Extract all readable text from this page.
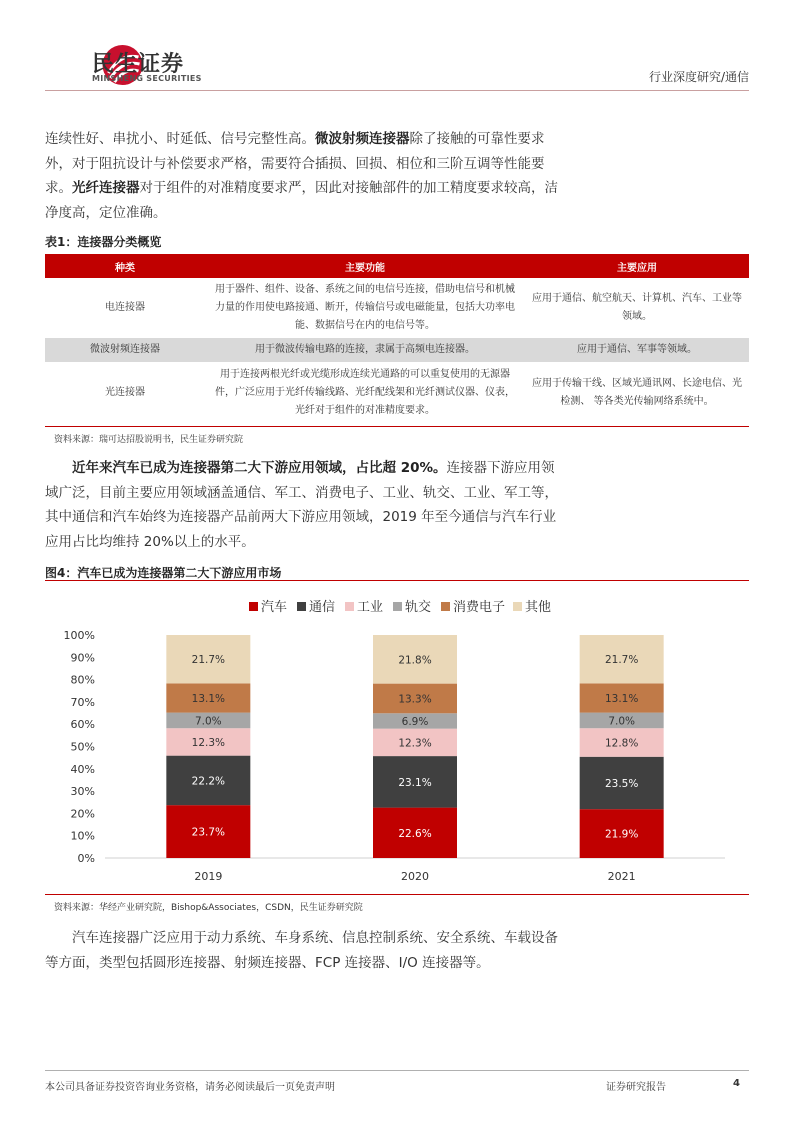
民生证券
MINSHENG SECURITIES	行业深度研究/通信
连续性好、串扰小、时延低、信号完整性高。微波射频连接器除了接触的可靠性要求外，对于阻抗设计与补偿要求严格，需要符合插损、回损、相位和三阶互调等性能要求。光纤连接器对于组件的对准精度要求严，因此对接触部件的加工精度要求较高，洁净度高，定位准确。
表1：连接器分类概览
种类	主要功能	主要应用
电连接器	用于器件、组件、设备、系统之间的电信号连接，借助电信号和机械力量的作用使电路接通、断开，传输信号或电磁能量，包括大功率电能、数据信号在内的电信号等。	应用于通信、航空航天、计算机、汽车、工业等领域。
微波射频连接器	用于微波传输电路的连接，隶属于高频电连接器。	应用于通信、军事等领域。
光连接器	用于连接两根光纤或光缆形成连续光通路的可以重复使用的无源器件，广泛应用于光纤传输线路、光纤配线架和光纤测试仪器、仪表，光纤对于组件的对准精度要求。	应用于传输干线、区域光通讯网、长途电信、光检测、 等各类光传输网络系统中。
资料来源：瑞可达招股说明书，民生证券研究院
近年来汽车已成为连接器第二大下游应用领域，占比超 20%。连接器下游应用领域广泛，目前主要应用领域涵盖通信、军工、消费电子、工业、轨交、工业、军工等，其中通信和汽车始终为连接器产品前两大下游应用领域，2019 年至今通信与汽车行业应用占比均维持 20%以上的水平。
图4：汽车已成为连接器第二大下游应用市场
汽车 通信 工业 轨交 消费电子 其他
0%
10%
20%
30%
40%
50%
60%
70%
80%
90%
100%
23.7%
22.2%
12.3%
7.0%
13.1%
21.7%
2019
22.6%
23.1%
12.3%
6.9%
13.3%
21.8%
2020
21.9%
23.5%
12.8%
7.0%
13.1%
21.7%
2021
资料来源：华经产业研究院，Bishop&Associates，CSDN，民生证券研究院
汽车连接器广泛应用于动力系统、车身系统、信息控制系统、安全系统、车载设备等方面，类型包括圆形连接器、射频连接器、FCP 连接器、I/O 连接器等。
本公司具备证券投资咨询业务资格，请务必阅读最后一页免责声明	证券研究报告	4
